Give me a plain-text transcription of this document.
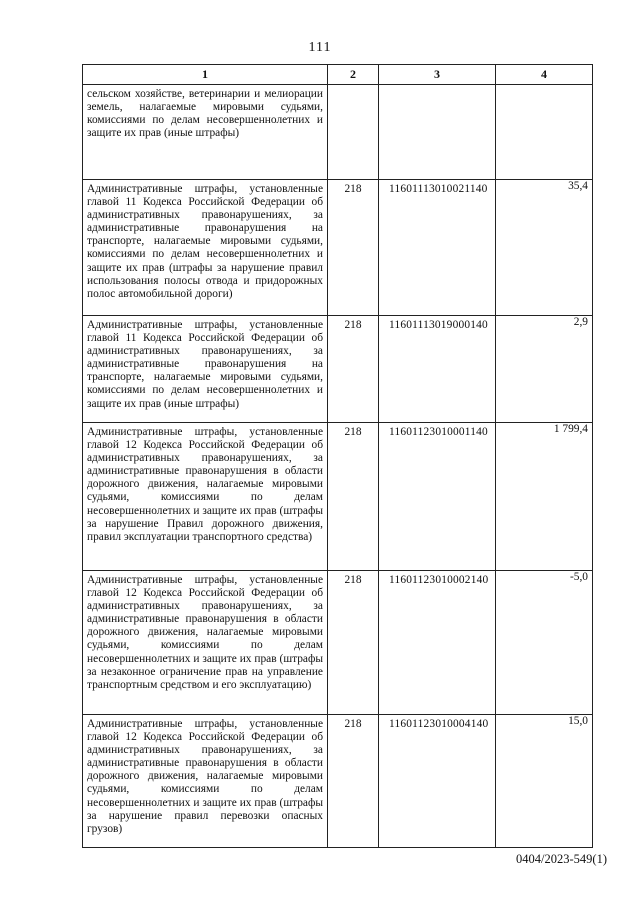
111
1	2	3	4
сельском хозяйстве, ветеринарии и мелиорации земель, налагаемые мировыми судьями, комиссиями по делам несовершеннолетних и защите их прав (иные штрафы)			
Административные штрафы, установленные главой 11 Кодекса Российской Федерации об административных правонарушениях, за административные правонарушения на транспорте, налагаемые мировыми судьями, комиссиями по делам несовершеннолетних и защите их прав (штрафы за нарушение правил использования полосы отвода и придорожных полос автомобильной дороги)	218	11601113010021140	35,4
Административные штрафы, установленные главой 11 Кодекса Российской Федерации об административных правонарушениях, за административные правонарушения на транспорте, налагаемые мировыми судьями, комиссиями по делам несовершеннолетних и защите их прав (иные штрафы)	218	11601113019000140	2,9
Административные штрафы, установленные главой 12 Кодекса Российской Федерации об административных правонарушениях, за административные правонарушения в области дорожного движения, налагаемые мировыми судьями, комиссиями по делам несовершеннолетних и защите их прав (штрафы за нарушение Правил дорожного движения, правил эксплуатации транспортного средства)	218	11601123010001140	1 799,4
Административные штрафы, установленные главой 12 Кодекса Российской Федерации об административных правонарушениях, за административные правонарушения в области дорожного движения, налагаемые мировыми судьями, комиссиями по делам несовершеннолетних и защите их прав (штрафы за незаконное ограничение прав на управление транспортным средством и его эксплуатацию)	218	11601123010002140	-5,0
Административные штрафы, установленные главой 12 Кодекса Российской Федерации об административных правонарушениях, за административные правонарушения в области дорожного движения, налагаемые мировыми судьями, комиссиями по делам несовершеннолетних и защите их прав (штрафы за нарушение правил перевозки опасных грузов)	218	11601123010004140	15,0
0404/2023-549(1)
